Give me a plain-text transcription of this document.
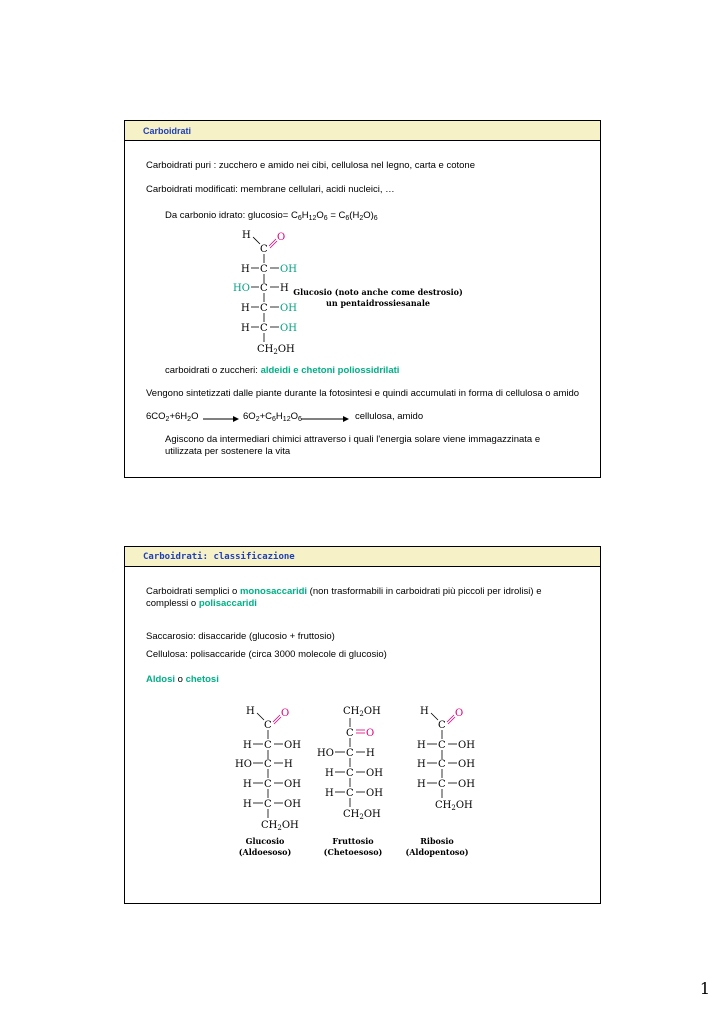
Carboidrati
Carboidrati puri : zucchero e amido nei cibi, cellulosa nel legno, carta e cotone
Carboidrati modificati: membrane cellulari, acidi nucleici, …
Da carbonio idrato: glucosio= $C_6H_{12}O_6 = C_6(H_2O)_6$
H
C
O
H C OH
HO C H
H C OH
H C OH
$CH_2OH$
Glucosio (noto anche come destrosio)
un pentaidrossiesanale
carboidrati o zuccheri: aldeidi e chetoni poliossidrilati
Vengono sintetizzati dalle piante durante la fotosintesi e quindi accumulati in forma di cellulosa o amido
$6CO_2+6H_2O \to 6O_2+C_6H_{12}O_6$ → cellulosa, amido
Agiscono da intermediari chimici attraverso i quali l'energia solare viene immagazzinata e utilizzata per sostenere la vita
Carboidrati: classificazione
Carboidrati semplici o monosaccaridi (non trasformabili in carboidrati più piccoli per idrolisi) e
complessi o polisaccaridi
Saccarosio: disaccaride (glucosio + fruttosio)
Cellulosa: polisaccaride (circa 3000 molecole di glucosio)
Aldosi o chetosi
H
C
O
H C OH
HO C H
H C OH
H C OH
$CH_2OH$
$CH_2OH$
C O
HO C H
H C OH
H C OH
$CH_2OH$
H
C
O
H C OH
H C OH
H C OH
$CH_2OH$
Glucosio
(Aldoesoso)
Fruttosio
(Chetoesoso)
Ribosio
(Aldopentoso)
1
